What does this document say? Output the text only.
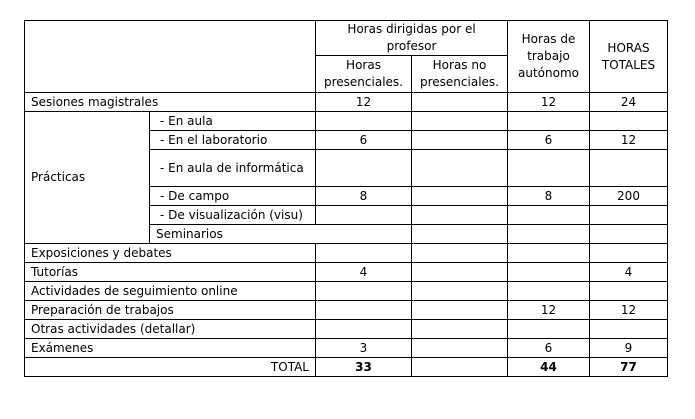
		Horas dirigidas por el profesor		Horas de trabajo autónomo	HORAS TOTALES	
		Horas presenciales.	Horas no presenciales.			
Sesiones magistrales		12		12	24	
Prácticas	- En aula				
	- En el laboratorio	6		6	12	
	- En aula de informática				
	- De campo	8		8	200	
	- De visualización (visu)				
	Seminarios					
Exposiciones y debates						
Tutorías		4			4	
Actividades de seguimiento online						
Preparación de trabajos				12	12	
Otras actividades (detallar)						
Exámenes		3		6	9	
TOTAL		33		44	77	
